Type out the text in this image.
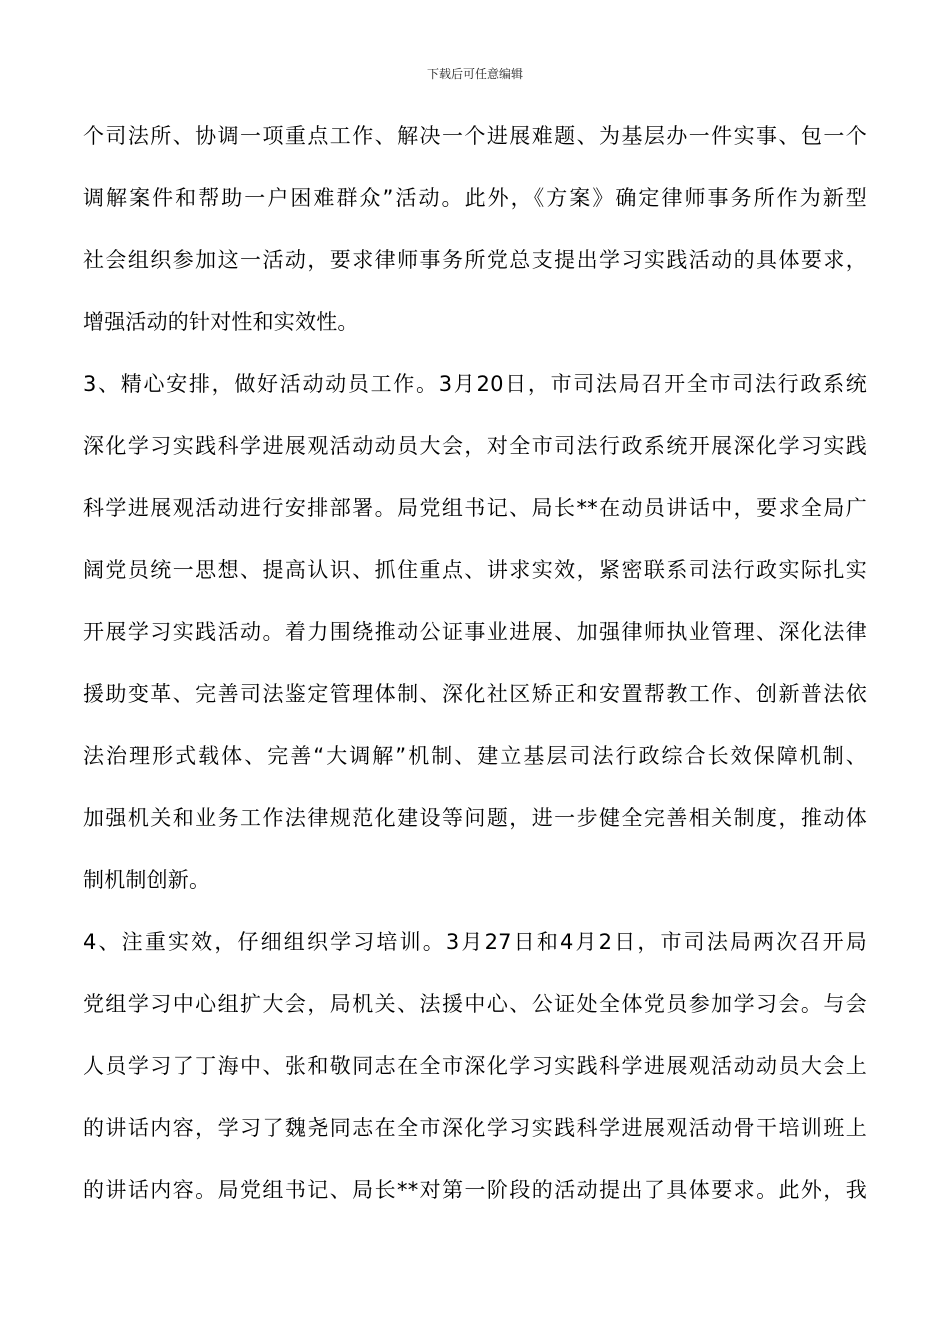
下载后可任意编辑
个司法所、协调一项重点工作、解决一个进展难题、为基层办一件实事、包一个
调解案件和帮助一户困难群众”活动。此外，《方案》确定律师事务所作为新型
社会组织参加这一活动，要求律师事务所党总支提出学习实践活动的具体要求，
增强活动的针对性和实效性。
3、精心安排，做好活动动员工作。3月20日，市司法局召开全市司法行政系统
深化学习实践科学进展观活动动员大会，对全市司法行政系统开展深化学习实践
科学进展观活动进行安排部署。局党组书记、局长**在动员讲话中，要求全局广
阔党员统一思想、提高认识、抓住重点、讲求实效，紧密联系司法行政实际扎实
开展学习实践活动。着力围绕推动公证事业进展、加强律师执业管理、深化法律
援助变革、完善司法鉴定管理体制、深化社区矫正和安置帮教工作、创新普法依
法治理形式载体、完善“大调解”机制、建立基层司法行政综合长效保障机制、
加强机关和业务工作法律规范化建设等问题，进一步健全完善相关制度，推动体
制机制创新。
4、注重实效，仔细组织学习培训。3月27日和4月2日，市司法局两次召开局
党组学习中心组扩大会，局机关、法援中心、公证处全体党员参加学习会。与会
人员学习了丁海中、张和敬同志在全市深化学习实践科学进展观活动动员大会上
的讲话内容，学习了魏尧同志在全市深化学习实践科学进展观活动骨干培训班上
的讲话内容。局党组书记、局长**对第一阶段的活动提出了具体要求。此外，我
